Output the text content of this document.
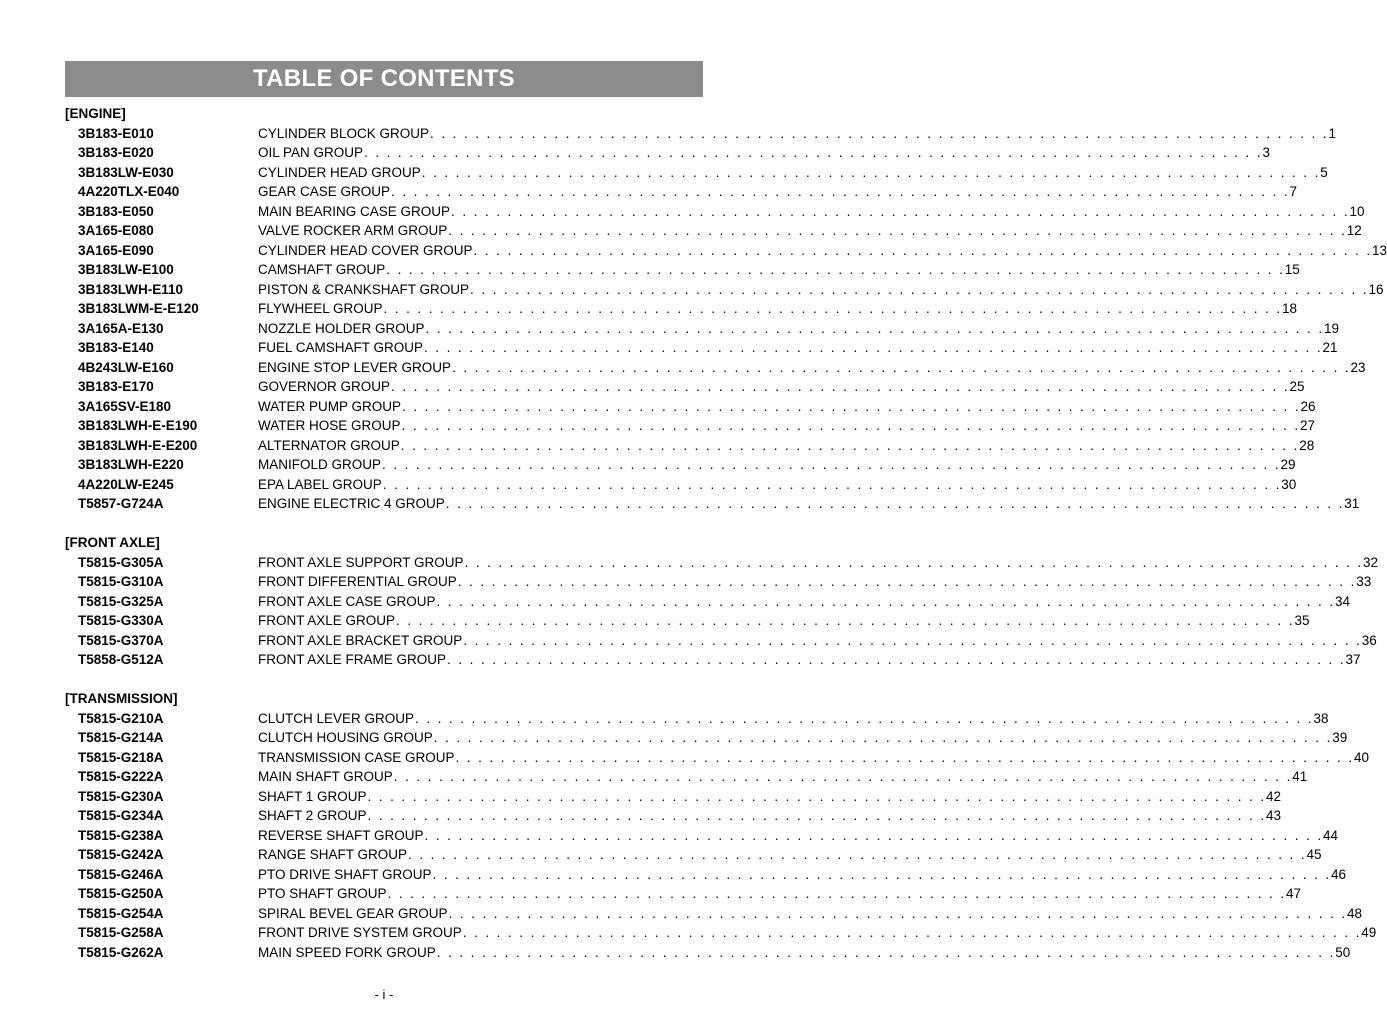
TABLE OF CONTENTS
[ENGINE]
3B183-E010	CYLINDER BLOCK GROUP . . . . . . . . . . . . . . . . . . . . . . . . . . . . . . . . . . . . . . . . . . . . . . . . . . . . . . . . . . . . . . . . . . . . . . . . . . . . . . . . 1
3B183-E020	OIL PAN GROUP . . . . . . . . . . . . . . . . . . . . . . . . . . . . . . . . . . . . . . . . . . . . . . . . . . . . . . . . . . . . . . . . . . . . . . . . . . . . . . . . 3
3B183LW-E030	CYLINDER HEAD GROUP . . . . . . . . . . . . . . . . . . . . . . . . . . . . . . . . . . . . . . . . . . . . . . . . . . . . . . . . . . . . . . . . . . . . . . . . . . . . . . . . 5
4A220TLX-E040	GEAR CASE GROUP . . . . . . . . . . . . . . . . . . . . . . . . . . . . . . . . . . . . . . . . . . . . . . . . . . . . . . . . . . . . . . . . . . . . . . . . . . . . . . . . 7
3B183-E050	MAIN BEARING CASE GROUP . . . . . . . . . . . . . . . . . . . . . . . . . . . . . . . . . . . . . . . . . . . . . . . . . . . . . . . . . . . . . . . . . . . . . . . . . . . . . . . . 10
3A165-E080	VALVE ROCKER ARM GROUP . . . . . . . . . . . . . . . . . . . . . . . . . . . . . . . . . . . . . . . . . . . . . . . . . . . . . . . . . . . . . . . . . . . . . . . . . . . . . . . . 12
3A165-E090	CYLINDER HEAD COVER GROUP . . . . . . . . . . . . . . . . . . . . . . . . . . . . . . . . . . . . . . . . . . . . . . . . . . . . . . . . . . . . . . . . . . . . . . . . . . . . . . . . 13
3B183LW-E100	CAMSHAFT GROUP . . . . . . . . . . . . . . . . . . . . . . . . . . . . . . . . . . . . . . . . . . . . . . . . . . . . . . . . . . . . . . . . . . . . . . . . . . . . . . . . 15
3B183LWH-E110	PISTON & CRANKSHAFT GROUP . . . . . . . . . . . . . . . . . . . . . . . . . . . . . . . . . . . . . . . . . . . . . . . . . . . . . . . . . . . . . . . . . . . . . . . . . . . . . . . . 16
3B183LWM-E-E120	FLYWHEEL GROUP . . . . . . . . . . . . . . . . . . . . . . . . . . . . . . . . . . . . . . . . . . . . . . . . . . . . . . . . . . . . . . . . . . . . . . . . . . . . . . . . 18
3A165A-E130	NOZZLE HOLDER GROUP . . . . . . . . . . . . . . . . . . . . . . . . . . . . . . . . . . . . . . . . . . . . . . . . . . . . . . . . . . . . . . . . . . . . . . . . . . . . . . . . 19
3B183-E140	FUEL CAMSHAFT GROUP . . . . . . . . . . . . . . . . . . . . . . . . . . . . . . . . . . . . . . . . . . . . . . . . . . . . . . . . . . . . . . . . . . . . . . . . . . . . . . . . 21
4B243LW-E160	ENGINE STOP LEVER GROUP . . . . . . . . . . . . . . . . . . . . . . . . . . . . . . . . . . . . . . . . . . . . . . . . . . . . . . . . . . . . . . . . . . . . . . . . . . . . . . . . 23
3B183-E170	GOVERNOR GROUP . . . . . . . . . . . . . . . . . . . . . . . . . . . . . . . . . . . . . . . . . . . . . . . . . . . . . . . . . . . . . . . . . . . . . . . . . . . . . . . . 25
3A165SV-E180	WATER PUMP GROUP . . . . . . . . . . . . . . . . . . . . . . . . . . . . . . . . . . . . . . . . . . . . . . . . . . . . . . . . . . . . . . . . . . . . . . . . . . . . . . . . 26
3B183LWH-E-E190	WATER HOSE GROUP . . . . . . . . . . . . . . . . . . . . . . . . . . . . . . . . . . . . . . . . . . . . . . . . . . . . . . . . . . . . . . . . . . . . . . . . . . . . . . . . 27
3B183LWH-E-E200	ALTERNATOR GROUP . . . . . . . . . . . . . . . . . . . . . . . . . . . . . . . . . . . . . . . . . . . . . . . . . . . . . . . . . . . . . . . . . . . . . . . . . . . . . . . . 28
3B183LWH-E220	MANIFOLD GROUP . . . . . . . . . . . . . . . . . . . . . . . . . . . . . . . . . . . . . . . . . . . . . . . . . . . . . . . . . . . . . . . . . . . . . . . . . . . . . . . . 29
4A220LW-E245	EPA LABEL GROUP . . . . . . . . . . . . . . . . . . . . . . . . . . . . . . . . . . . . . . . . . . . . . . . . . . . . . . . . . . . . . . . . . . . . . . . . . . . . . . . . 30
T5857-G724A	ENGINE ELECTRIC 4 GROUP . . . . . . . . . . . . . . . . . . . . . . . . . . . . . . . . . . . . . . . . . . . . . . . . . . . . . . . . . . . . . . . . . . . . . . . . . . . . . . . . 31
[FRONT AXLE]
T5815-G305A	FRONT AXLE SUPPORT GROUP . . . . . . . . . . . . . . . . . . . . . . . . . . . . . . . . . . . . . . . . . . . . . . . . . . . . . . . . . . . . . . . . . . . . . . . . . . . . . . . . 32
T5815-G310A	FRONT DIFFERENTIAL GROUP . . . . . . . . . . . . . . . . . . . . . . . . . . . . . . . . . . . . . . . . . . . . . . . . . . . . . . . . . . . . . . . . . . . . . . . . . . . . . . . . 33
T5815-G325A	FRONT AXLE CASE GROUP . . . . . . . . . . . . . . . . . . . . . . . . . . . . . . . . . . . . . . . . . . . . . . . . . . . . . . . . . . . . . . . . . . . . . . . . . . . . . . . . 34
T5815-G330A	FRONT AXLE GROUP . . . . . . . . . . . . . . . . . . . . . . . . . . . . . . . . . . . . . . . . . . . . . . . . . . . . . . . . . . . . . . . . . . . . . . . . . . . . . . . . 35
T5815-G370A	FRONT AXLE BRACKET GROUP . . . . . . . . . . . . . . . . . . . . . . . . . . . . . . . . . . . . . . . . . . . . . . . . . . . . . . . . . . . . . . . . . . . . . . . . . . . . . . . . 36
T5858-G512A	FRONT AXLE FRAME GROUP . . . . . . . . . . . . . . . . . . . . . . . . . . . . . . . . . . . . . . . . . . . . . . . . . . . . . . . . . . . . . . . . . . . . . . . . . . . . . . . . 37
[TRANSMISSION]
T5815-G210A	CLUTCH LEVER GROUP . . . . . . . . . . . . . . . . . . . . . . . . . . . . . . . . . . . . . . . . . . . . . . . . . . . . . . . . . . . . . . . . . . . . . . . . . . . . . . . . 38
T5815-G214A	CLUTCH HOUSING GROUP . . . . . . . . . . . . . . . . . . . . . . . . . . . . . . . . . . . . . . . . . . . . . . . . . . . . . . . . . . . . . . . . . . . . . . . . . . . . . . . . 39
T5815-G218A	TRANSMISSION CASE GROUP . . . . . . . . . . . . . . . . . . . . . . . . . . . . . . . . . . . . . . . . . . . . . . . . . . . . . . . . . . . . . . . . . . . . . . . . . . . . . . . . 40
T5815-G222A	MAIN SHAFT GROUP . . . . . . . . . . . . . . . . . . . . . . . . . . . . . . . . . . . . . . . . . . . . . . . . . . . . . . . . . . . . . . . . . . . . . . . . . . . . . . . . 41
T5815-G230A	SHAFT 1 GROUP . . . . . . . . . . . . . . . . . . . . . . . . . . . . . . . . . . . . . . . . . . . . . . . . . . . . . . . . . . . . . . . . . . . . . . . . . . . . . . . . 42
T5815-G234A	SHAFT 2 GROUP . . . . . . . . . . . . . . . . . . . . . . . . . . . . . . . . . . . . . . . . . . . . . . . . . . . . . . . . . . . . . . . . . . . . . . . . . . . . . . . . 43
T5815-G238A	REVERSE SHAFT GROUP . . . . . . . . . . . . . . . . . . . . . . . . . . . . . . . . . . . . . . . . . . . . . . . . . . . . . . . . . . . . . . . . . . . . . . . . . . . . . . . . 44
T5815-G242A	RANGE SHAFT GROUP . . . . . . . . . . . . . . . . . . . . . . . . . . . . . . . . . . . . . . . . . . . . . . . . . . . . . . . . . . . . . . . . . . . . . . . . . . . . . . . . 45
T5815-G246A	PTO DRIVE SHAFT GROUP . . . . . . . . . . . . . . . . . . . . . . . . . . . . . . . . . . . . . . . . . . . . . . . . . . . . . . . . . . . . . . . . . . . . . . . . . . . . . . . . 46
T5815-G250A	PTO SHAFT GROUP . . . . . . . . . . . . . . . . . . . . . . . . . . . . . . . . . . . . . . . . . . . . . . . . . . . . . . . . . . . . . . . . . . . . . . . . . . . . . . . . 47
T5815-G254A	SPIRAL BEVEL GEAR GROUP . . . . . . . . . . . . . . . . . . . . . . . . . . . . . . . . . . . . . . . . . . . . . . . . . . . . . . . . . . . . . . . . . . . . . . . . . . . . . . . . 48
T5815-G258A	FRONT DRIVE SYSTEM GROUP . . . . . . . . . . . . . . . . . . . . . . . . . . . . . . . . . . . . . . . . . . . . . . . . . . . . . . . . . . . . . . . . . . . . . . . . . . . . . . . . 49
T5815-G262A	MAIN SPEED FORK GROUP . . . . . . . . . . . . . . . . . . . . . . . . . . . . . . . . . . . . . . . . . . . . . . . . . . . . . . . . . . . . . . . . . . . . . . . . . . . . . . . . 50
- i -
